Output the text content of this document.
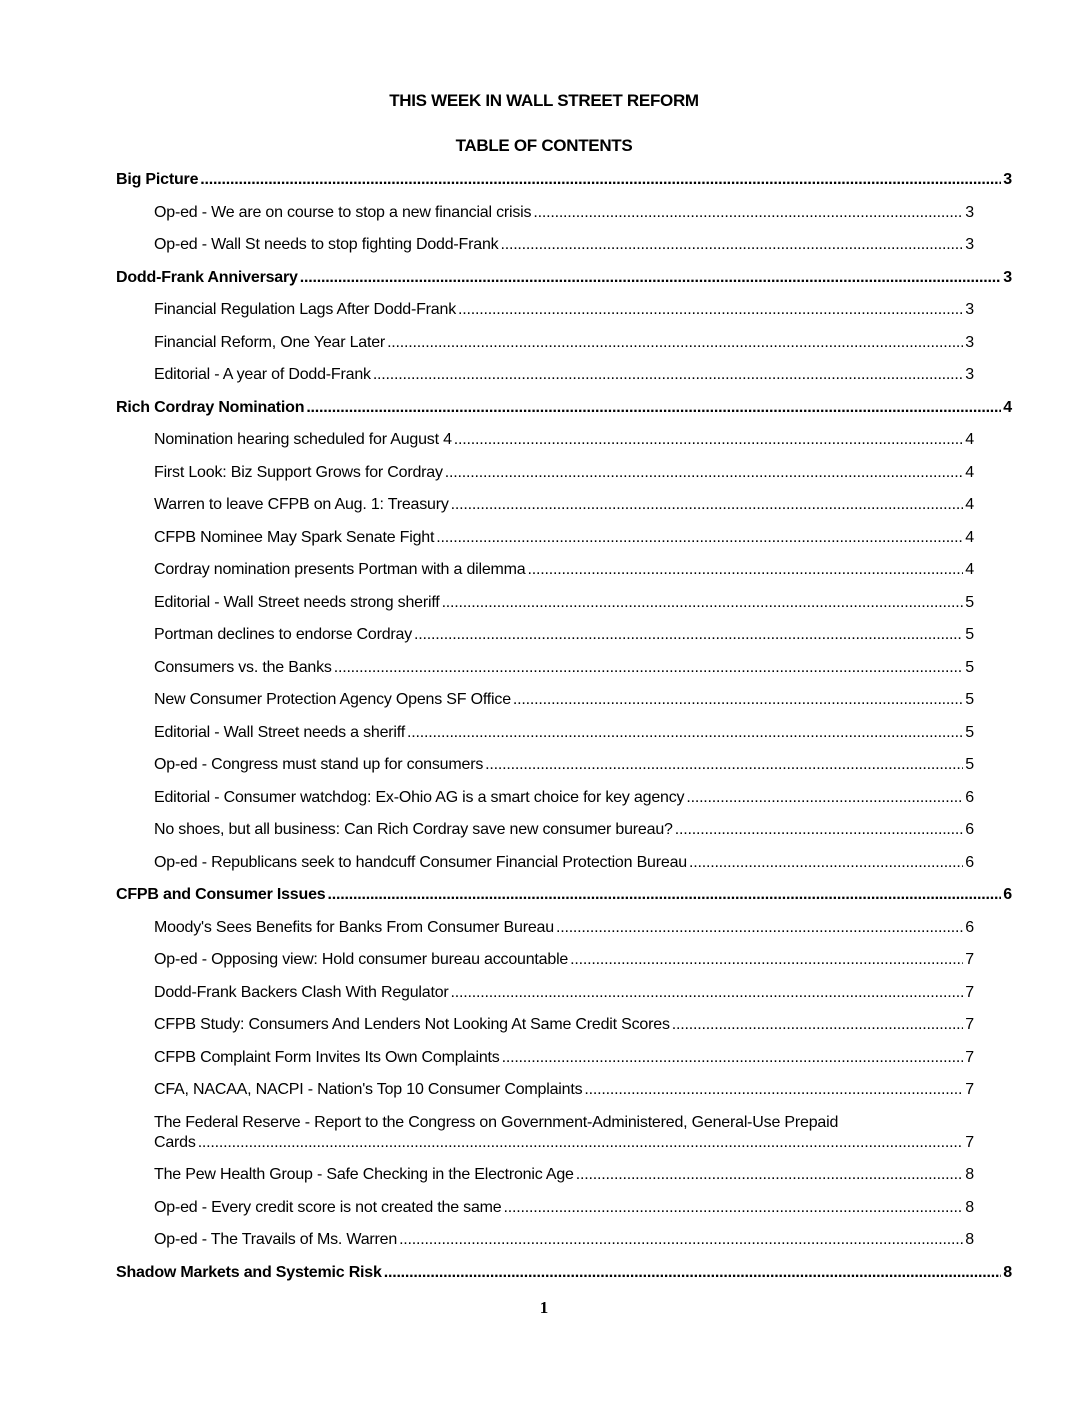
THIS WEEK IN WALL STREET REFORM
TABLE OF CONTENTS
Big Picture .....	3
Op-ed - We are on course to stop a new financial crisis .....	3
Op-ed - Wall St needs to stop fighting Dodd-Frank .....	3
Dodd-Frank Anniversary .....	3
Financial Regulation Lags After Dodd-Frank .....	3
Financial Reform, One Year Later .....	3
Editorial - A year of Dodd-Frank .....	3
Rich Cordray Nomination .....	4
Nomination hearing scheduled for August 4 .....	4
First Look: Biz Support Grows for Cordray .....	4
Warren to leave CFPB on Aug. 1: Treasury .....	4
CFPB Nominee May Spark Senate Fight .....	4
Cordray nomination presents Portman with a dilemma .....	4
Editorial - Wall Street needs strong sheriff .....	5
Portman declines to endorse Cordray .....	5
Consumers vs. the Banks .....	5
New Consumer Protection Agency Opens SF Office .....	5
Editorial - Wall Street needs a sheriff .....	5
Op-ed - Congress must stand up for consumers .....	5
Editorial - Consumer watchdog: Ex-Ohio AG is a smart choice for key agency .....	6
No shoes, but all business: Can Rich Cordray save new consumer bureau? .....	6
Op-ed - Republicans seek to handcuff Consumer Financial Protection Bureau .....	6
CFPB and Consumer Issues .....	6
Moody's Sees Benefits for Banks From Consumer Bureau .....	6
Op-ed - Opposing view: Hold consumer bureau accountable .....	7
Dodd-Frank Backers Clash With Regulator .....	7
CFPB Study: Consumers And Lenders Not Looking At Same Credit Scores .....	7
CFPB Complaint Form Invites Its Own Complaints .....	7
CFA, NACAA, NACPI - Nation's Top 10 Consumer Complaints .....	7
The Federal Reserve - Report to the Congress on Government-Administered, General-Use Prepaid
Cards .....	7
The Pew Health Group - Safe Checking in the Electronic Age .....	8
Op-ed - Every credit score is not created the same .....	8
Op-ed - The Travails of Ms. Warren .....	8
Shadow Markets and Systemic Risk .....	8
1
